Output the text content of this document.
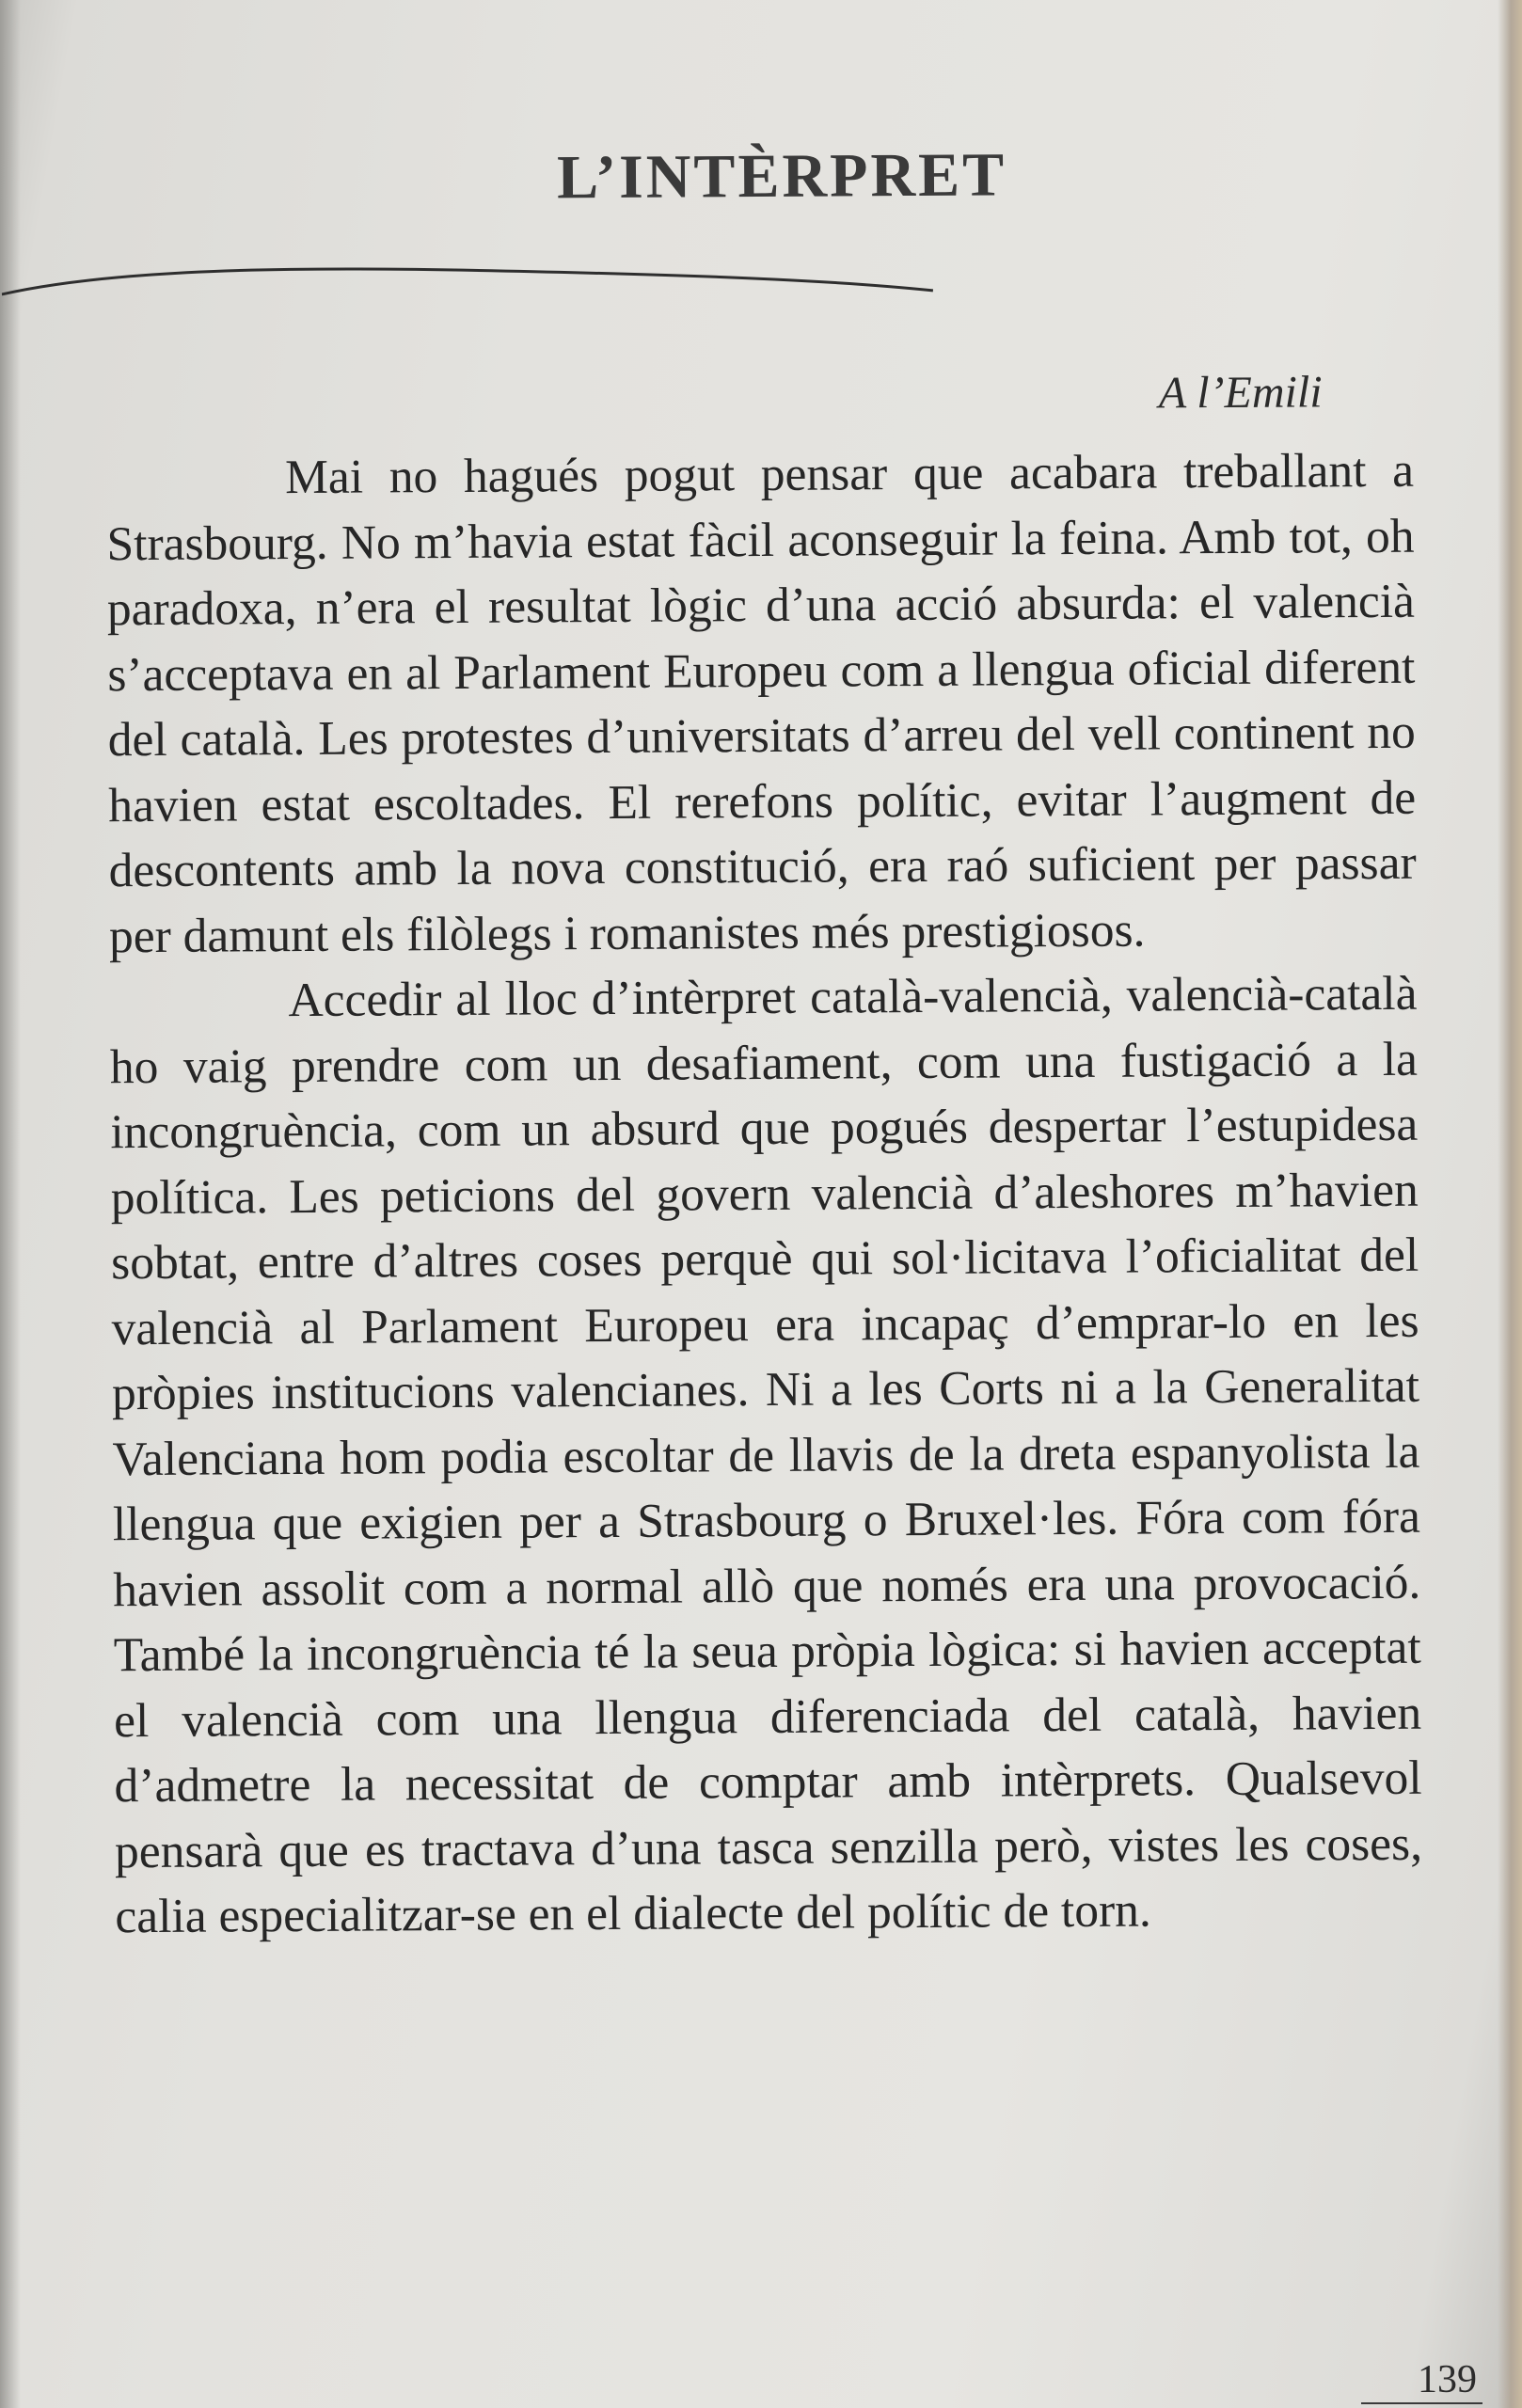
L’INTÈRPRET

A l’Emili

Mai no hagués pogut pensar que acabara treballant a Strasbourg. No m’havia estat fàcil aconseguir la feina. Amb tot, oh paradoxa, n’era el resultat lògic d’una acció absurda: el valencià s’acceptava en al Parlament Europeu com a llengua oficial diferent del català. Les protestes d’universitats d’arreu del vell continent no havien estat escoltades. El rerefons polític, evitar l’augment de descontents amb la nova constitució, era raó suficient per passar per damunt els filòlegs i romanistes més prestigiosos.

Accedir al lloc d’intèrpret català-valencià, valencià-català ho vaig prendre com un desafiament, com una fustigació a la incongruència, com un absurd que pogués despertar l’estupidesa política. Les peticions del govern valencià d’aleshores m’havien sobtat, entre d’altres coses perquè qui sol·licitava l’oficialitat del valencià al Parlament Europeu era incapaç d’emprar-lo en les pròpies institucions valencianes. Ni a les Corts ni a la Generalitat Valenciana hom podia escoltar de llavis de la dreta espanyolista la llengua que exigien per a Strasbourg o Bruxel·les. Fóra com fóra havien assolit com a normal allò que només era una provocació. També la incongruència té la seua pròpia lògica: si havien acceptat el valencià com una llengua diferenciada del català, havien d’admetre la necessitat de comptar amb intèrprets. Qualsevol pensarà que es tractava d’una tasca senzilla però, vistes les coses, calia especialitzar-se en el dialecte del polític de torn.

139
